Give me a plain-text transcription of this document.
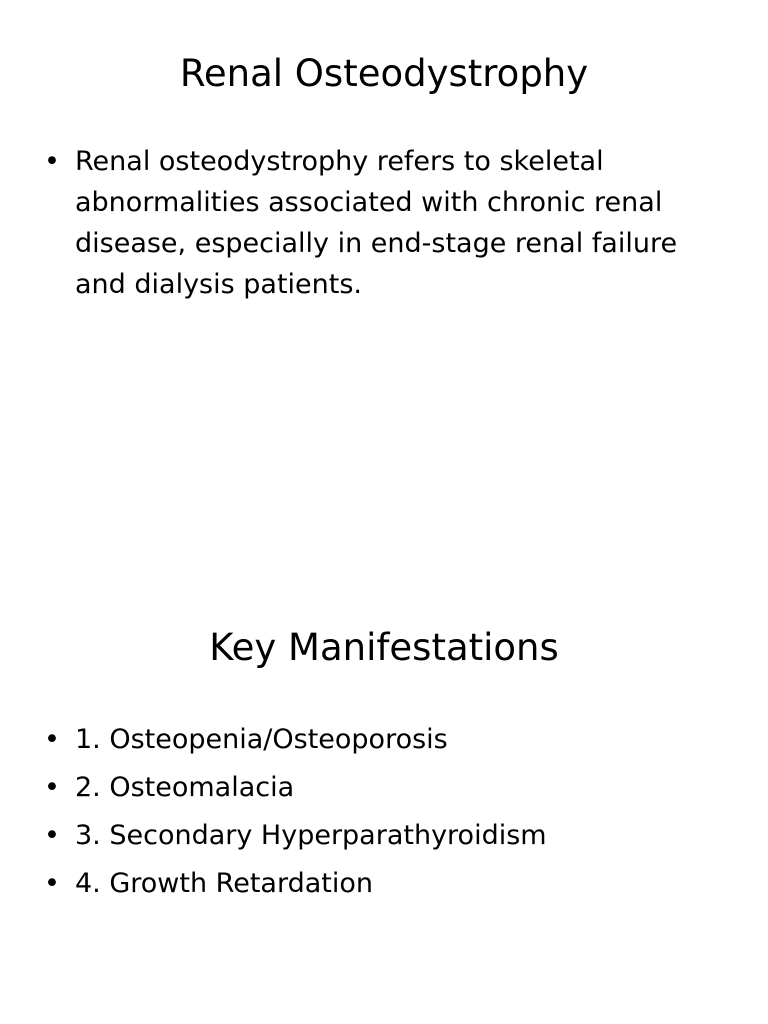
Renal Osteodystrophy
• Renal osteodystrophy refers to skeletal abnormalities associated with chronic renal disease, especially in end-stage renal failure and dialysis patients.
Key Manifestations
• 1. Osteopenia/Osteoporosis
• 2. Osteomalacia
• 3. Secondary Hyperparathyroidism
• 4. Growth Retardation
